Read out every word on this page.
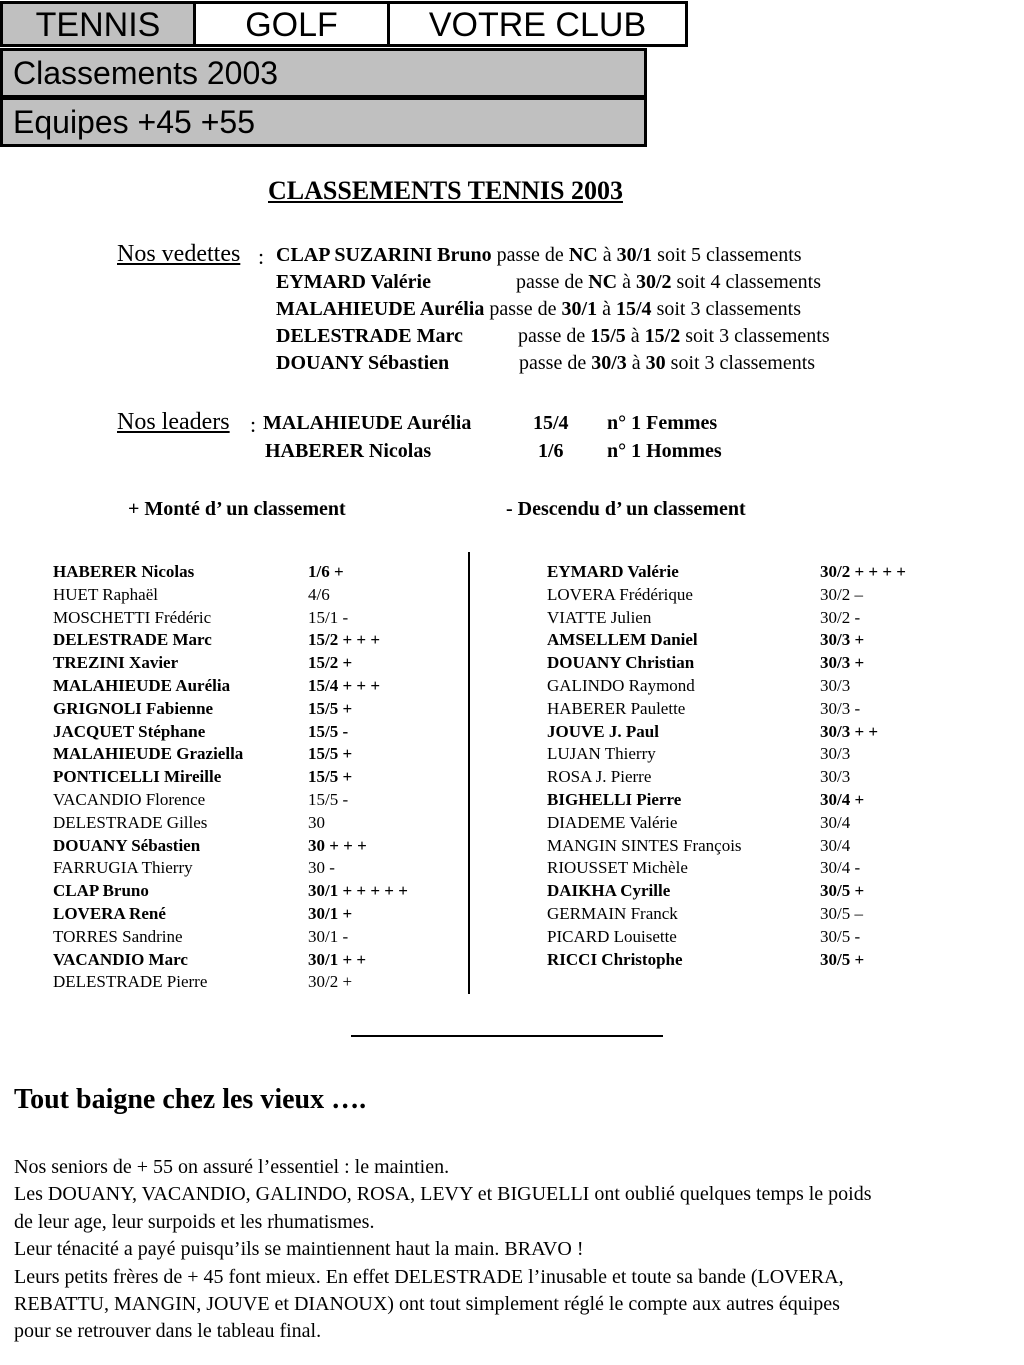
TENNIS	GOLF	VOTRE CLUB
Classements 2003
Equipes +45 +55
CLASSEMENTS TENNIS 2003
Nos vedettes : CLAP SUZARINI Bruno passe de NC à 30/1 soit 5 classements
EYMARD Valérie	passe de NC à 30/2 soit 4 classements
MALAHIEUDE Aurélia passe de 30/1 à 15/4 soit 3 classements
DELESTRADE Marc	passe de 15/5 à 15/2 soit 3 classements
DOUANY Sébastien	passe de 30/3 à 30 soit 3 classements
Nos leaders : MALAHIEUDE Aurélia	15/4 n° 1 Femmes
HABERER Nicolas	1/6 n° 1 Hommes
+ Monté d’ un classement	- Descendu d’ un classement
HABERER Nicolas	1/6 +
HUET Raphaël	4/6
MOSCHETTI Frédéric	15/1 -
DELESTRADE Marc	15/2 + + +
TREZINI Xavier	15/2 +
MALAHIEUDE Aurélia	15/4 + + +
GRIGNOLI Fabienne	15/5 +
JACQUET Stéphane	15/5 -
MALAHIEUDE Graziella	15/5 +
PONTICELLI Mireille	15/5 +
VACANDIO Florence	15/5 -
DELESTRADE Gilles	30
DOUANY Sébastien	30 + + +
FARRUGIA Thierry	30 -
CLAP Bruno	30/1 + + + + +
LOVERA René	30/1 +
TORRES Sandrine	30/1 -
VACANDIO Marc	30/1 + +
DELESTRADE Pierre	30/2 +
EYMARD Valérie	30/2 + + + +
LOVERA Frédérique	30/2 –
VIATTE Julien	30/2 -
AMSELLEM Daniel	30/3 +
DOUANY Christian	30/3 +
GALINDO Raymond	30/3
HABERER Paulette	30/3 -
JOUVE J. Paul	30/3 + +
LUJAN Thierry	30/3
ROSA J. Pierre	30/3
BIGHELLI Pierre	30/4 +
DIADEME Valérie	30/4
MANGIN SINTES François	30/4
RIOUSSET Michèle	30/4 -
DAIKHA Cyrille	30/5 +
GERMAIN Franck	30/5 –
PICARD Louisette	30/5 -
RICCI Christophe	30/5 +
Tout baigne chez les vieux ….
Nos seniors de + 55 on assuré l’essentiel : le maintien.
Les DOUANY, VACANDIO, GALINDO, ROSA, LEVY et BIGUELLI ont oublié quelques temps le poids
de leur age, leur surpoids et les rhumatismes.
Leur ténacité a payé puisqu’ils se maintiennent haut la main. BRAVO !
Leurs petits frères de + 45 font mieux. En effet DELESTRADE l’inusable et toute sa bande (LOVERA,
REBATTU, MANGIN, JOUVE et DIANOUX) ont tout simplement réglé le compte aux autres équipes
pour se retrouver dans le tableau final.
